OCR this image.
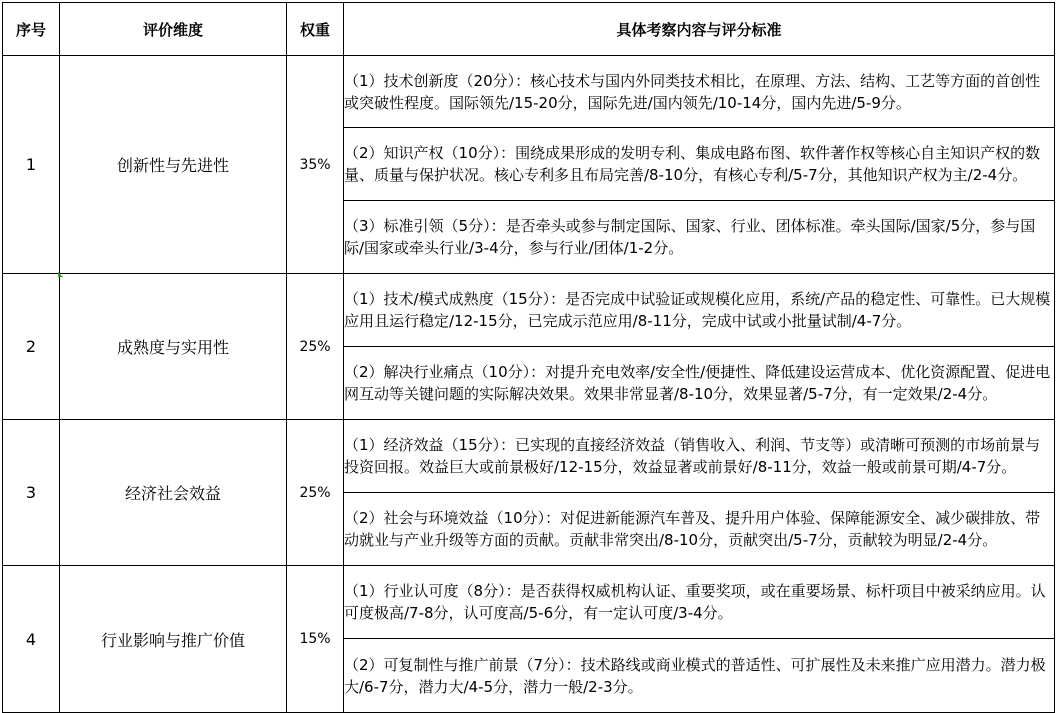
序号	评价维度	权重	具体考察内容与评分标准
1	创新性与先进性	35%	（1）技术创新度（20分）：核心技术与国内外同类技术相比，在原理、方法、结构、工艺等方面的首创性或突破性程度。国际领先/15-20分，国际先进/国内领先/10-14分，国内先进/5-9分。
			（2）知识产权（10分）：围绕成果形成的发明专利、集成电路布图、软件著作权等核心自主知识产权的数量、质量与保护状况。核心专利多且布局完善/8-10分，有核心专利/5-7分，其他知识产权为主/2-4分。
			（3）标准引领（5分）：是否牵头或参与制定国际、国家、行业、团体标准。牵头国际/国家/5分，参与国际/国家或牵头行业/3-4分，参与行业/团体/1-2分。
2	成熟度与实用性	25%	（1）技术/模式成熟度（15分）：是否完成中试验证或规模化应用，系统/产品的稳定性、可靠性。已大规模应用且运行稳定/12-15分，已完成示范应用/8-11分，完成中试或小批量试制/4-7分。
			（2）解决行业痛点（10分）：对提升充电效率/安全性/便捷性、降低建设运营成本、优化资源配置、促进电网互动等关键问题的实际解决效果。效果非常显著/8-10分，效果显著/5-7分，有一定效果/2-4分。
3	经济社会效益	25%	（1）经济效益（15分）：已实现的直接经济效益（销售收入、利润、节支等）或清晰可预测的市场前景与投资回报。效益巨大或前景极好/12-15分，效益显著或前景好/8-11分，效益一般或前景可期/4-7分。
			（2）社会与环境效益（10分）：对促进新能源汽车普及、提升用户体验、保障能源安全、减少碳排放、带动就业与产业升级等方面的贡献。贡献非常突出/8-10分，贡献突出/5-7分，贡献较为明显/2-4分。
4	行业影响与推广价值	15%	（1）行业认可度（8分）：是否获得权威机构认证、重要奖项，或在重要场景、标杆项目中被采纳应用。认可度极高/7-8分，认可度高/5-6分，有一定认可度/3-4分。
			（2）可复制性与推广前景（7分）：技术路线或商业模式的普适性、可扩展性及未来推广应用潜力。潜力极大/6-7分，潜力大/4-5分，潜力一般/2-3分。
